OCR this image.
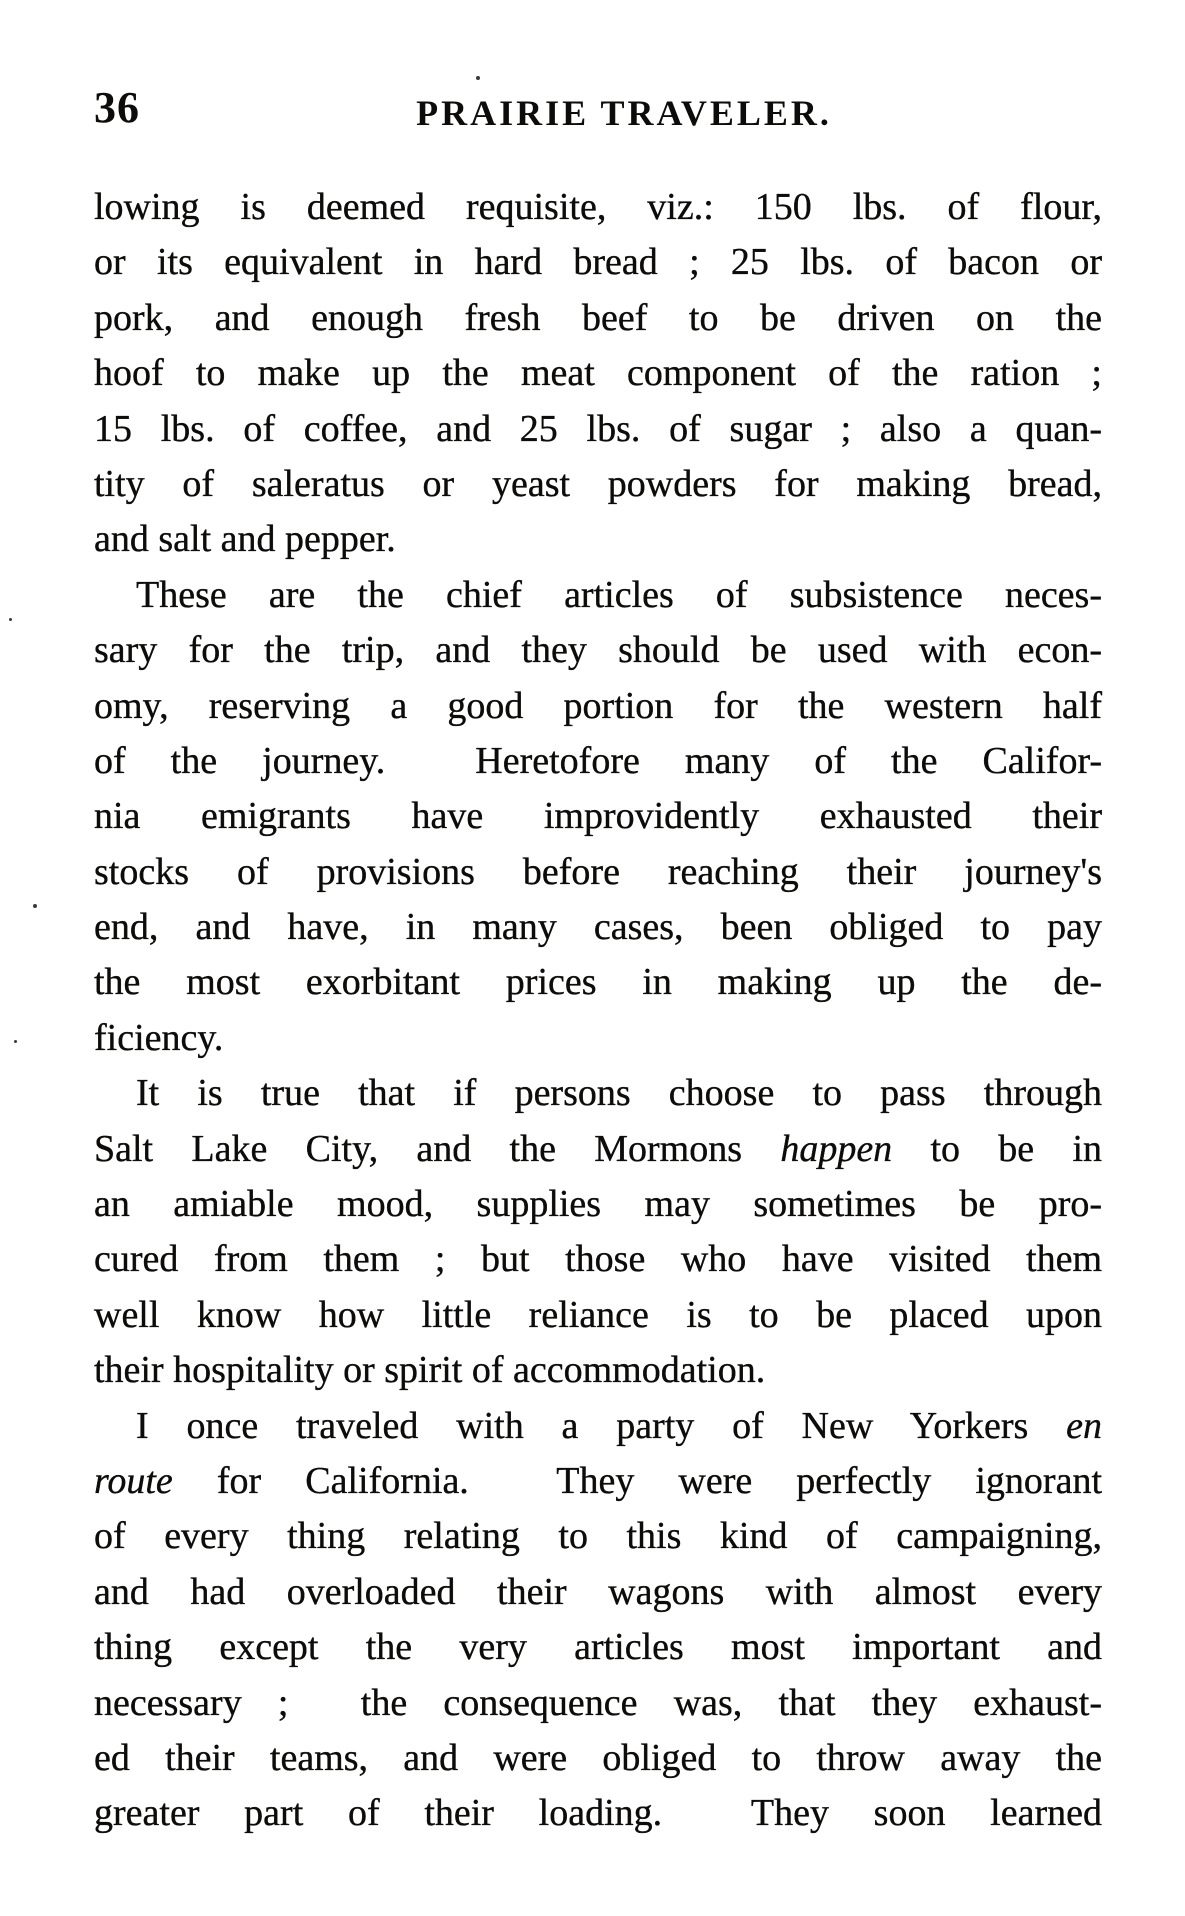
36	PRAIRIE TRAVELER.
lowing is deemed requisite, viz.: 150 lbs. of flour,
or its equivalent in hard bread ; 25 lbs. of bacon or
pork, and enough fresh beef to be driven on the
hoof to make up the meat component of the ration ;
15 lbs. of coffee, and 25 lbs. of sugar ; also a quan-
tity of saleratus or yeast powders for making bread,
and salt and pepper.
These are the chief articles of subsistence neces-
sary for the trip, and they should be used with econ-
omy, reserving a good portion for the western half
of the journey.  Heretofore many of the Califor-
nia emigrants have improvidently exhausted their
stocks of provisions before reaching their journey's
end, and have, in many cases, been obliged to pay
the most exorbitant prices in making up the de-
ficiency.
It is true that if persons choose to pass through
Salt Lake City, and the Mormons happen to be in
an amiable mood, supplies may sometimes be pro-
cured from them ; but those who have visited them
well know how little reliance is to be placed upon
their hospitality or spirit of accommodation.
I once traveled with a party of New Yorkers en
route for California.  They were perfectly ignorant
of every thing relating to this kind of campaigning,
and had overloaded their wagons with almost every
thing except the very articles most important and
necessary ;  the consequence was, that they exhaust-
ed their teams, and were obliged to throw away the
greater part of their loading.  They soon learned
